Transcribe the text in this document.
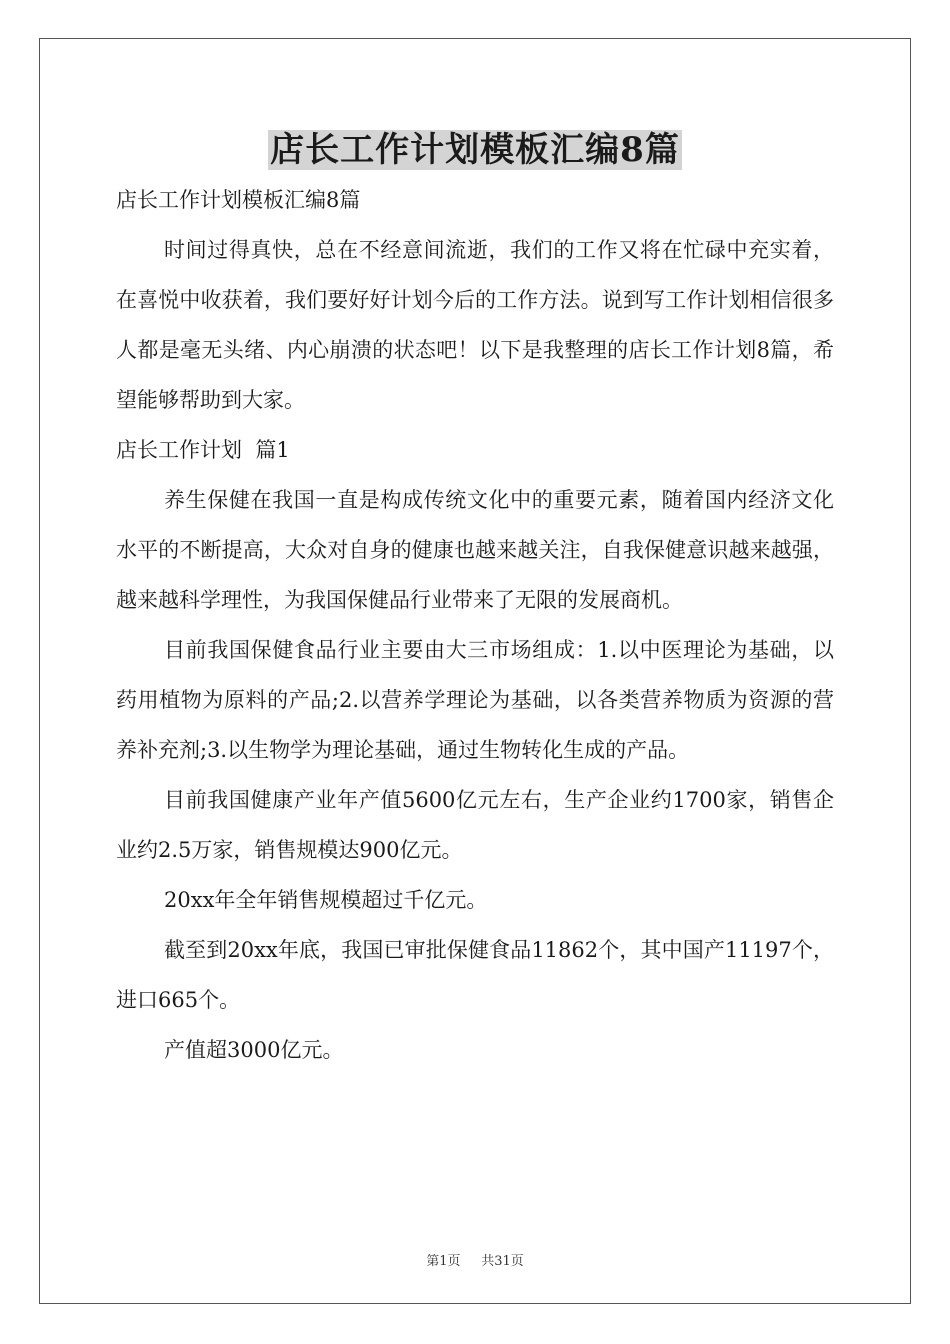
店长工作计划模板汇编8篇

店长工作计划模板汇编8篇

时间过得真快，总在不经意间流逝，我们的工作又将在忙碌中充实着，在喜悦中收获着，我们要好好计划今后的工作方法。说到写工作计划相信很多人都是毫无头绪、内心崩溃的状态吧！以下是我整理的店长工作计划8篇，希望能够帮助到大家。

店长工作计划  篇1

养生保健在我国一直是构成传统文化中的重要元素，随着国内经济文化水平的不断提高，大众对自身的健康也越来越关注，自我保健意识越来越强，越来越科学理性，为我国保健品行业带来了无限的发展商机。

目前我国保健食品行业主要由大三市场组成：1.以中医理论为基础，以药用植物为原料的产品;2.以营养学理论为基础，以各类营养物质为资源的营养补充剂;3.以生物学为理论基础，通过生物转化生成的产品。

目前我国健康产业年产值5600亿元左右，生产企业约1700家，销售企业约2.5万家，销售规模达900亿元。

20xx年全年销售规模超过千亿元。

截至到20xx年底，我国已审批保健食品11862个，其中国产11197个，进口665个。

产值超3000亿元。

第1页 共31页
